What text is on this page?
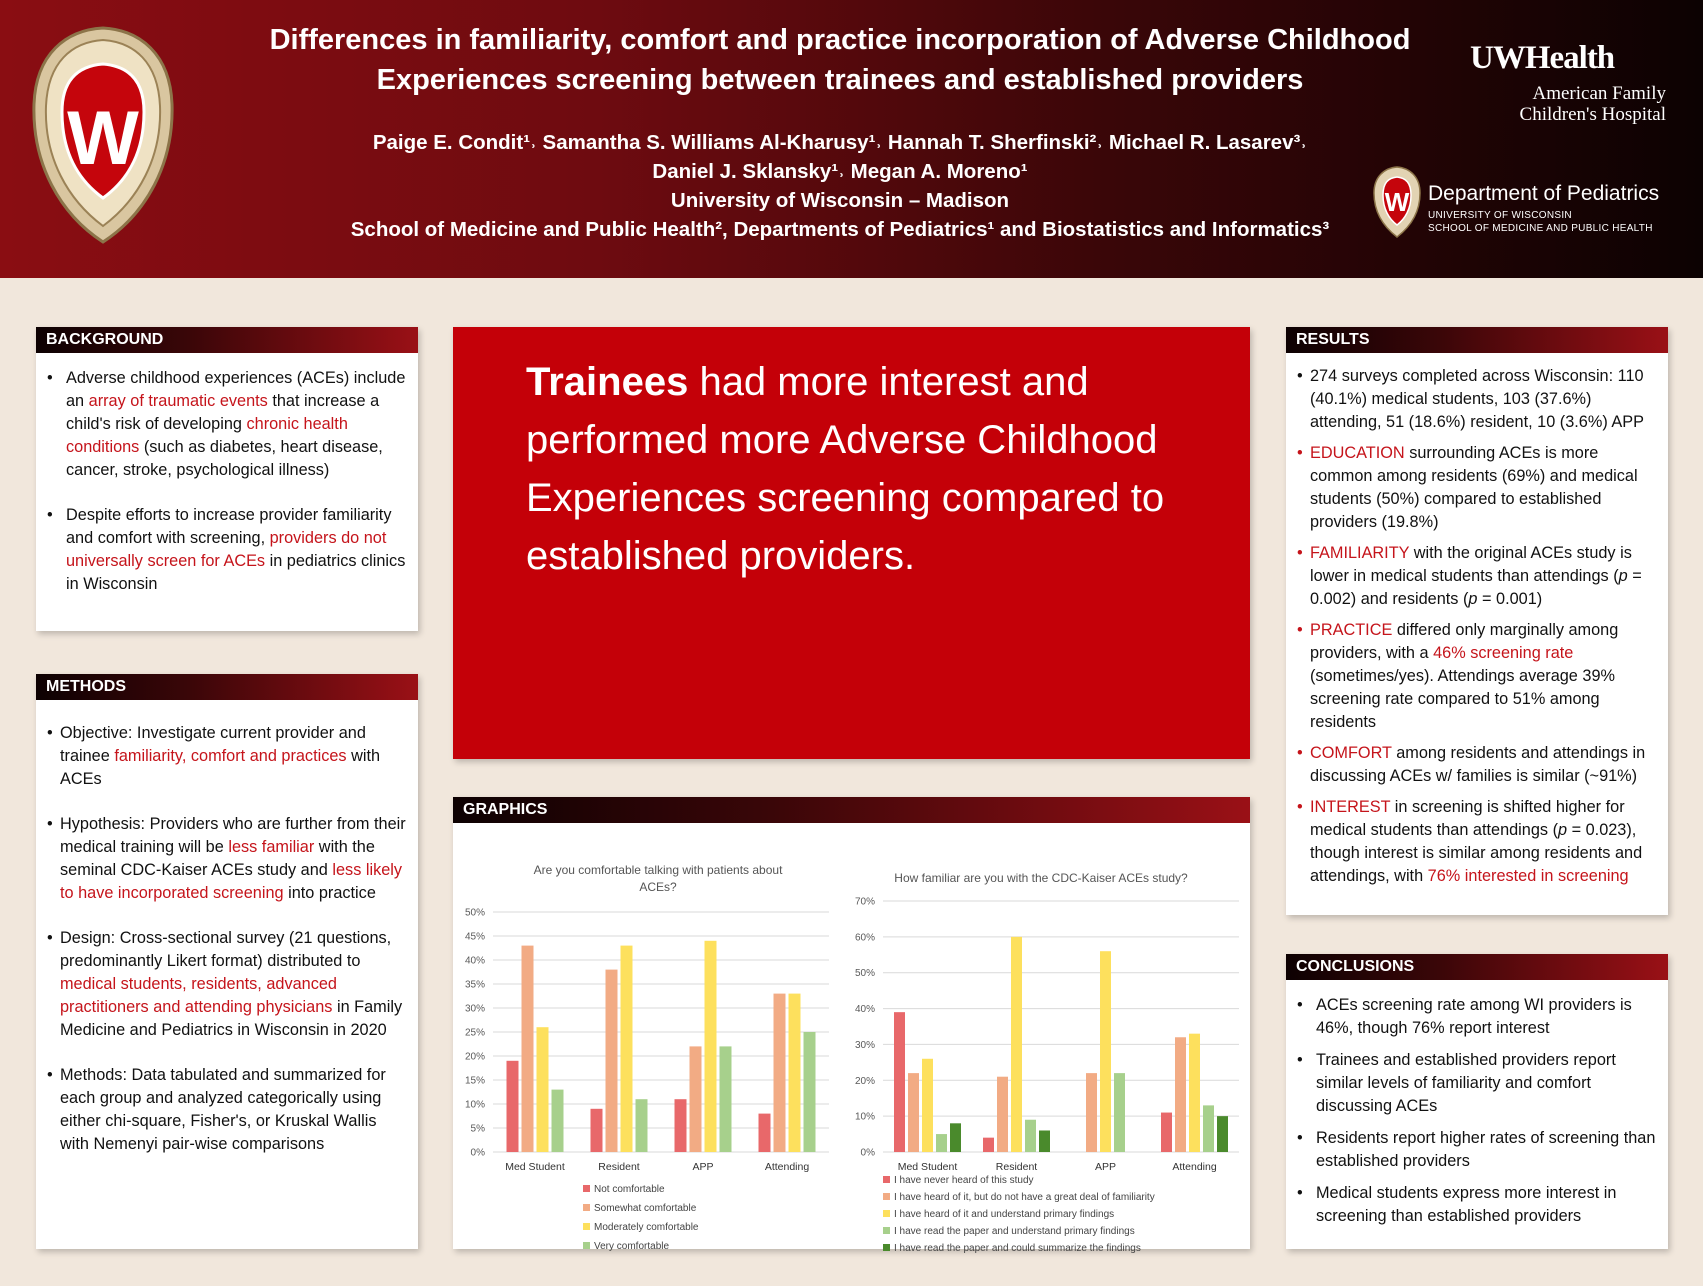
W
Differences in familiarity, comfort and practice incorporation of Adverse Childhood
Experiences screening between trainees and established providers
Paige E. Condit¹˒ Samantha S. Williams Al-Kharusy¹˒ Hannah T. Sherfinski²˒ Michael R. Lasarev³˒
Daniel J. Sklansky¹˒ Megan A. Moreno¹
University of Wisconsin – Madison
School of Medicine and Public Health², Departments of Pediatrics¹ and Biostatistics and Informatics³
UWHealth
American Family
Children's Hospital
W Department of Pediatrics
UNIVERSITY OF WISCONSIN
SCHOOL OF MEDICINE AND PUBLIC HEALTH
BACKGROUND
• Adverse childhood experiences (ACEs) include an array of traumatic events that increase a child's risk of developing chronic health conditions (such as diabetes, heart disease, cancer, stroke, psychological illness)
• Despite efforts to increase provider familiarity and comfort with screening, providers do not universally screen for ACEs in pediatrics clinics in Wisconsin
METHODS
• Objective: Investigate current provider and trainee familiarity, comfort and practices with ACEs
• Hypothesis: Providers who are further from their medical training will be less familiar with the seminal CDC-Kaiser ACEs study and less likely to have incorporated screening into practice
• Design: Cross-sectional survey (21 questions, predominantly Likert format) distributed to medical students, residents, advanced practitioners and attending physicians in Family Medicine and Pediatrics in Wisconsin in 2020
• Methods: Data tabulated and summarized for each group and analyzed categorically using either chi-square, Fisher's, or Kruskal Wallis with Nemenyi pair-wise comparisons
Trainees had more interest and performed more Adverse Childhood Experiences screening compared to established providers.
GRAPHICS
Are you comfortable talking with patients about
ACEs?
0%
5%
10%
15%
20%
25%
30%
35%
40%
45%
50%
Med Student	Resident	APP	Attending
Not comfortable
Somewhat comfortable
Moderately comfortable
Very comfortable
How familiar are you with the CDC-Kaiser ACEs study?
0%
10%
20%
30%
40%
50%
60%
70%
Med Student	Resident	APP	Attending
I have never heard of this study
I have heard of it, but do not have a great deal of familiarity
I have heard of it and understand primary findings
I have read the paper and understand primary findings
I have read the paper and could summarize the findings
RESULTS
• 274 surveys completed across Wisconsin: 110 (40.1%) medical students, 103 (37.6%) attending, 51 (18.6%) resident, 10 (3.6%) APP
• EDUCATION surrounding ACEs is more common among residents (69%) and medical students (50%) compared to established providers (19.8%)
• FAMILIARITY with the original ACEs study is lower in medical students than attendings (p = 0.002) and residents (p = 0.001)
• PRACTICE differed only marginally among providers, with a 46% screening rate (sometimes/yes). Attendings average 39% screening rate compared to 51% among residents
• COMFORT among residents and attendings in discussing ACEs w/ families is similar (~91%)
• INTEREST in screening is shifted higher for medical students than attendings (p = 0.023), though interest is similar among residents and attendings, with 76% interested in screening
CONCLUSIONS
• ACEs screening rate among WI providers is 46%, though 76% report interest
• Trainees and established providers report similar levels of familiarity and comfort discussing ACEs
• Residents report higher rates of screening than established providers
• Medical students express more interest in screening than established providers
